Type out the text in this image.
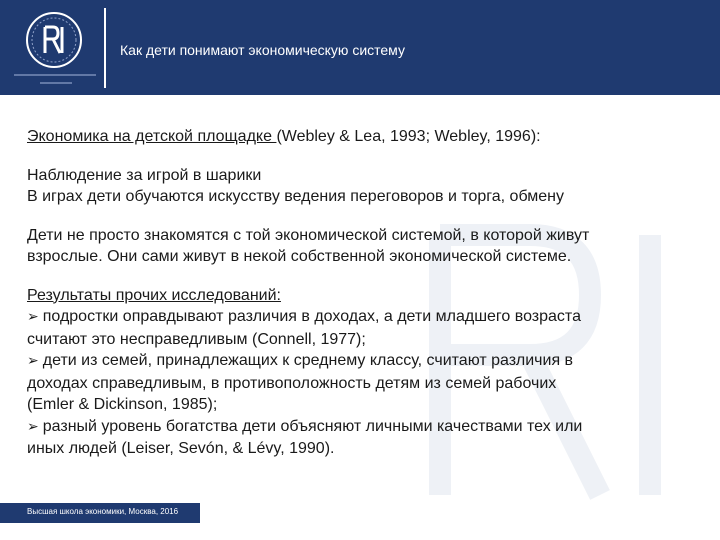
Как дети понимают экономическую систему
Экономика на детской площадке (Webley & Lea, 1993; Webley, 1996):
Наблюдение за игрой в шарики
В играх дети обучаются искусству ведения переговоров и торга, обмену
Дети не просто знакомятся с той экономической системой, в которой живут
взрослые. Они сами живут в некой собственной экономической системе.
Результаты прочих исследований:
➢ подростки оправдывают различия в доходах, а дети младшего возраста
считают это несправедливым (Connell, 1977);
➢ дети из семей, принадлежащих к среднему классу, считают различия в
доходах справедливым, в противоположность детям из семей рабочих
(Emler & Dickinson, 1985);
➢ разный уровень богатства дети объясняют личными качествами тех или
иных людей (Leiser, Sevón, & Lévy, 1990).
Высшая школа экономики, Москва, 2016
